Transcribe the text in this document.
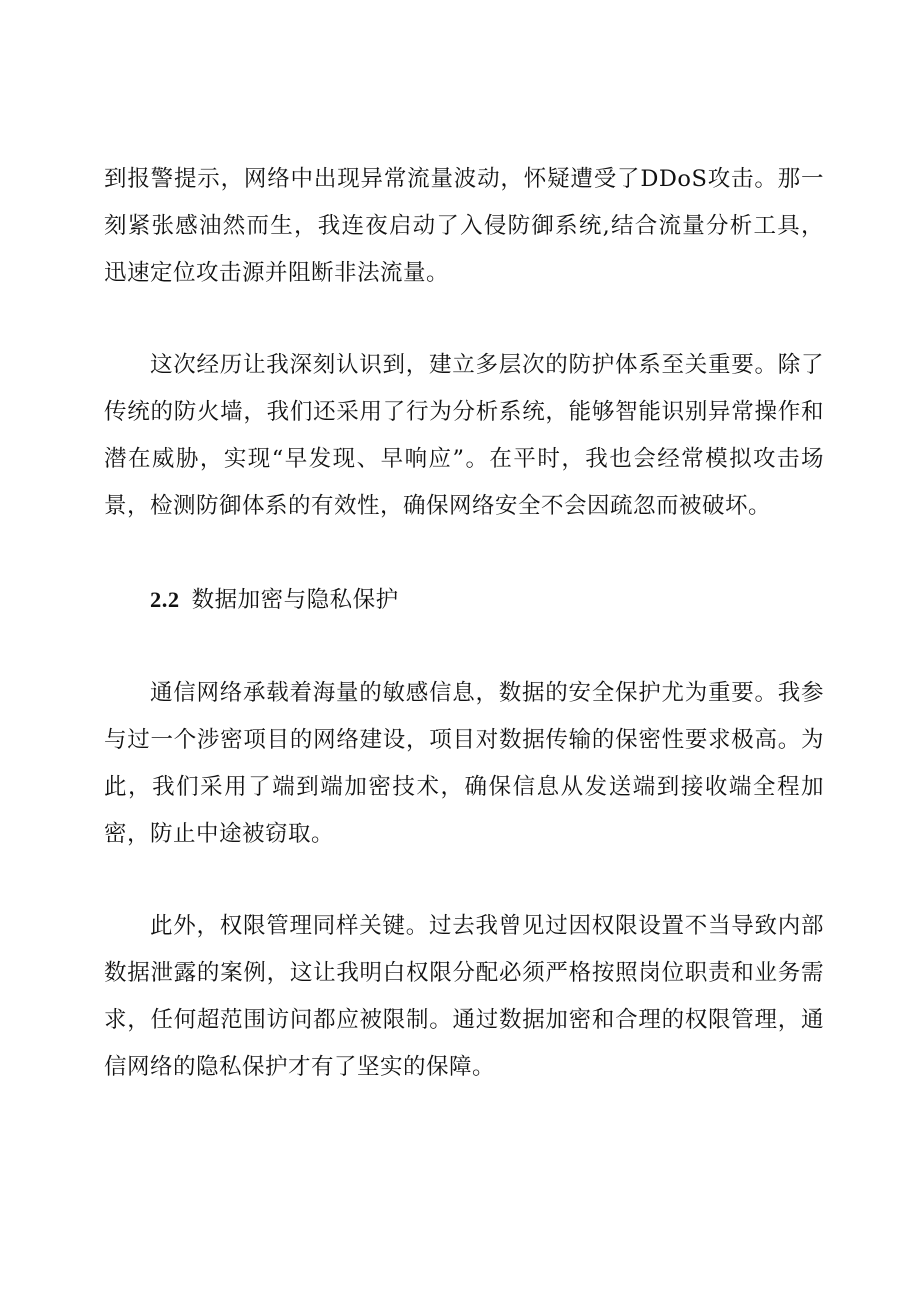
到报警提示，网络中出现异常流量波动，怀疑遭受了DDoS攻击。那一刻紧张感油然而生，我连夜启动了入侵防御系统,结合流量分析工具，迅速定位攻击源并阻断非法流量。

这次经历让我深刻认识到，建立多层次的防护体系至关重要。除了传统的防火墙，我们还采用了行为分析系统，能够智能识别异常操作和潜在威胁，实现“早发现、早响应”。在平时，我也会经常模拟攻击场景，检测防御体系的有效性，确保网络安全不会因疏忽而被破坏。

2.2 数据加密与隐私保护

通信网络承载着海量的敏感信息，数据的安全保护尤为重要。我参与过一个涉密项目的网络建设，项目对数据传输的保密性要求极高。为此，我们采用了端到端加密技术，确保信息从发送端到接收端全程加密，防止中途被窃取。

此外，权限管理同样关键。过去我曾见过因权限设置不当导致内部数据泄露的案例，这让我明白权限分配必须严格按照岗位职责和业务需求，任何超范围访问都应被限制。通过数据加密和合理的权限管理，通信网络的隐私保护才有了坚实的保障。
